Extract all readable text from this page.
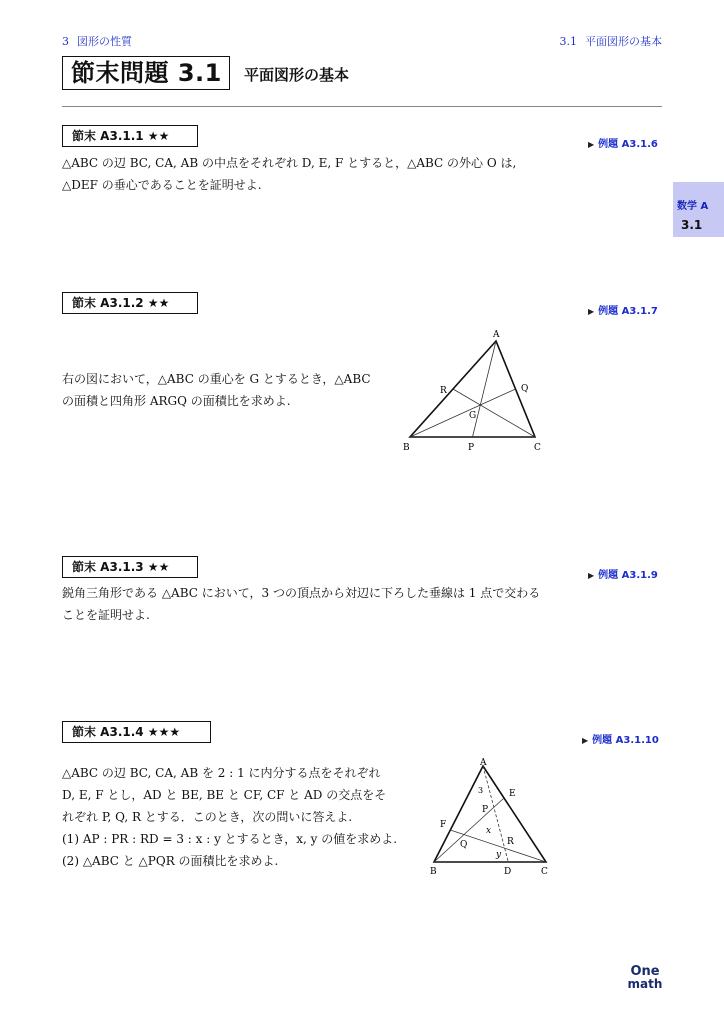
3 図形の性質	3.1 平面図形の基本
節末問題 3.1	平面図形の基本
数学 A
3.1
節末 A3.1.1 ★★
▶ 例題 A3.1.6

△ABC の辺 BC, CA, AB の中点をそれぞれ D, E, F とすると，△ABC の外心 O は,

△DEF の垂心であることを証明せよ.

節末 A3.1.2 ★★
▶ 例題 A3.1.7

右の図において，△ABC の重心を G とするとき，△ABC

の面積と四角形 ARGQ の面積比を求めよ.

A
B	C
P
Q
R
G
節末 A3.1.3 ★★
▶ 例題 A3.1.9

鋭角三角形である △ABC において，3 つの頂点から対辺に下ろした垂線は 1 点で交わる

ことを証明せよ.

節末 A3.1.4 ★★★
▶ 例題 A3.1.10

△ABC の辺 BC, CA, AB を 2 : 1 に内分する点をそれぞれ

D, E, F とし，AD と BE, BE と CF, CF と AD の交点をそ

れぞれ P, Q, R とする．このとき，次の問いに答えよ.

(1) AP : PR : RD = 3 : x : y とするとき，x, y の値を求めよ.

(2) △ABC と △PQR の面積比を求めよ.

A
B	C
D
E
F
P
Q	R
3
x
y
One
math
